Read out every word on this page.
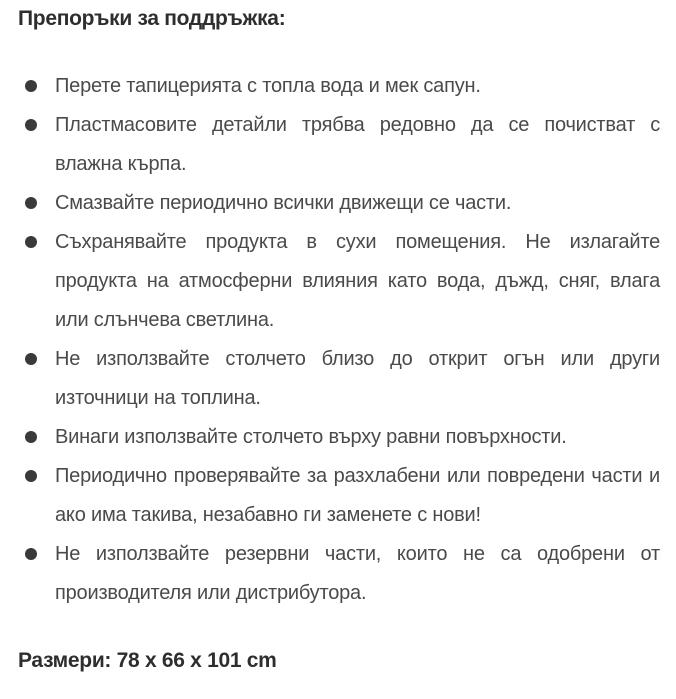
Препоръки за поддръжка:
Перете тапицерията с топла вода и мек сапун.
Пластмасовите детайли трябва редовно да се почистват с влажна кърпа.
Смазвайте периодично всички движещи се части.
Съхранявайте продукта в сухи помещения. Не излагайте продукта на атмосферни влияния като вода, дъжд, сняг, влага или слънчева светлина.
Не използвайте столчето близо до открит огън или други източници на топлина.
Винаги използвайте столчето върху равни повърхности.
Периодично проверявайте за разхлабени или повредени части и ако има такива, незабавно ги заменете с нови!
Не използвайте резервни части, които не са одобрени от производителя или дистрибутора.
Размери: 78 x 66 x 101 cm
